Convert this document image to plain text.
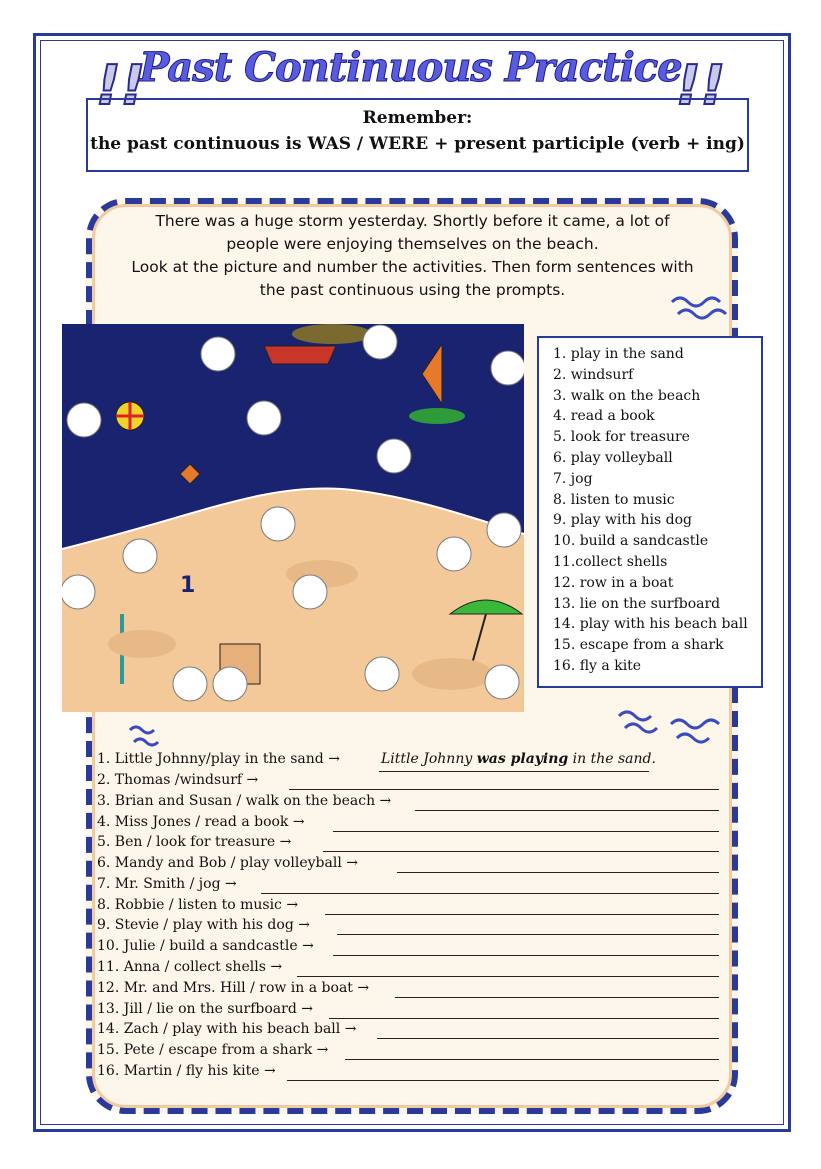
!!	!!
Past Continuous Practice
Remember:
the past continuous is WAS / WERE + present participle (verb + ing)
There was a huge storm yesterday. Shortly before it came, a lot of
people were enjoying themselves on the beach.
Look at the picture and number the activities. Then form sentences with
the past continuous using the prompts.
1
1. play in the sand
2. windsurf
3. walk on the beach
4. read a book
5. look for treasure
6. play volleyball
7. jog
8. listen to music
9. play with his dog
10. build a sandcastle
11.collect shells
12. row in a boat
13. lie on the surfboard
14. play with his beach ball
15. escape from a shark
16. fly a kite
1. Little Johnny/play in the sand →	Little Johnny was playing in the sand.
2. Thomas /windsurf →
3. Brian and Susan / walk on the beach →
4. Miss Jones / read a book →
5. Ben / look for treasure →
6. Mandy and Bob / play volleyball →
7. Mr. Smith / jog →
8. Robbie / listen to music →
9. Stevie / play with his dog →
10. Julie / build a sandcastle →
11. Anna / collect shells →
12. Mr. and Mrs. Hill / row in a boat →
13. Jill / lie on the surfboard →
14. Zach / play with his beach ball →
15. Pete / escape from a shark →
16. Martin / fly his kite →
